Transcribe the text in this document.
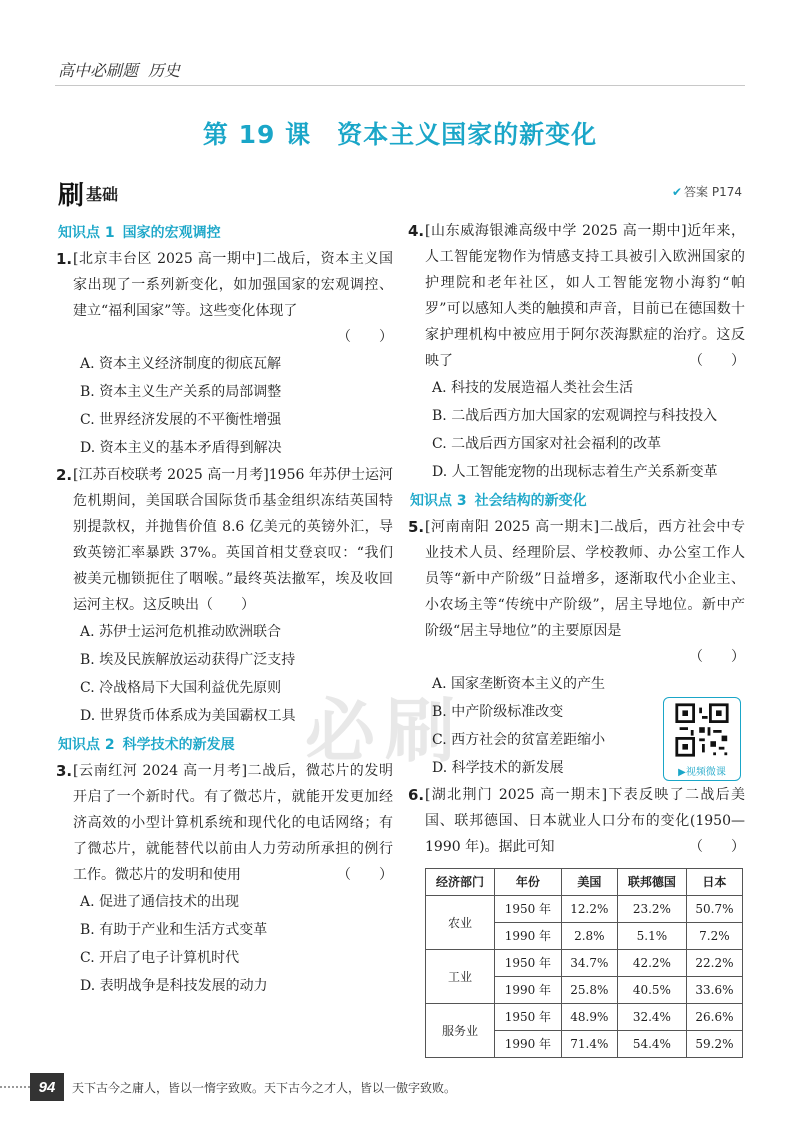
高中必刷题 历史
第 19 课　资本主义国家的新变化
刷 基础	✔ 答案 P174
必刷
知识点 1 国家的宏观调控
1. [北京丰台区 2025 高一期中]二战后，资本主义国家出现了一系列新变化，如加强国家的宏观调控、建立“福利国家”等。这些变化体现了
（　　）
A. 资本主义经济制度的彻底瓦解
B. 资本主义生产关系的局部调整
C. 世界经济发展的不平衡性增强
D. 资本主义的基本矛盾得到解决
2. [江苏百校联考 2025 高一月考]1956 年苏伊士运河危机期间，美国联合国际货币基金组织冻结英国特别提款权，并抛售价值 8.6 亿美元的英镑外汇，导致英镑汇率暴跌 37%。英国首相艾登哀叹：“我们被美元枷锁扼住了咽喉。”最终英法撤军，埃及收回运河主权。这反映出（　　）
A. 苏伊士运河危机推动欧洲联合
B. 埃及民族解放运动获得广泛支持
C. 冷战格局下大国利益优先原则
D. 世界货币体系成为美国霸权工具
知识点 2 科学技术的新发展
3. [云南红河 2024 高一月考]二战后，微芯片的发明开启了一个新时代。有了微芯片，就能开发更加经济高效的小型计算机系统和现代化的电话网络；有了微芯片，就能替代以前由人力劳动所承担的例行工作。微芯片的发明和使用	（　　）
A. 促进了通信技术的出现
B. 有助于产业和生活方式变革
C. 开启了电子计算机时代
D. 表明战争是科技发展的动力
4. [山东威海银滩高级中学 2025 高一期中]近年来，人工智能宠物作为情感支持工具被引入欧洲国家的护理院和老年社区，如人工智能宠物小海豹“帕罗”可以感知人类的触摸和声音，目前已在德国数十家护理机构中被应用于阿尔茨海默症的治疗。这反映了	（　　）
A. 科技的发展造福人类社会生活
B. 二战后西方加大国家的宏观调控与科技投入
C. 二战后西方国家对社会福利的改革
D. 人工智能宠物的出现标志着生产关系新变革
知识点 3 社会结构的新变化
5. [河南南阳 2025 高一期末]二战后，西方社会中专业技术人员、经理阶层、学校教师、办公室工作人员等“新中产阶级”日益增多，逐渐取代小企业主、小农场主等“传统中产阶级”，居主导地位。新中产阶级“居主导地位”的主要原因是
（　　）
A. 国家垄断资本主义的产生
B. 中产阶级标准改变
C. 西方社会的贫富差距缩小
D. 科学技术的新发展
6. [湖北荆门 2025 高一期末]下表反映了二战后美国、联邦德国、日本就业人口分布的变化(1950—1990 年)。据此可知	（　　）
经济部门	年份	美国	联邦德国	日本
农业	1950 年	12.2%	23.2%	50.7%
	1990 年	2.8%	5.1%	7.2%
工业	1950 年	34.7%	42.2%	22.2%
	1990 年	25.8%	40.5%	33.6%
服务业	1950 年	48.9%	32.4%	26.6%
	1990 年	71.4%	54.4%	59.2%
▶视频微课
94	天下古今之庸人，皆以一惰字致败。天下古今之才人，皆以一傲字致败。
